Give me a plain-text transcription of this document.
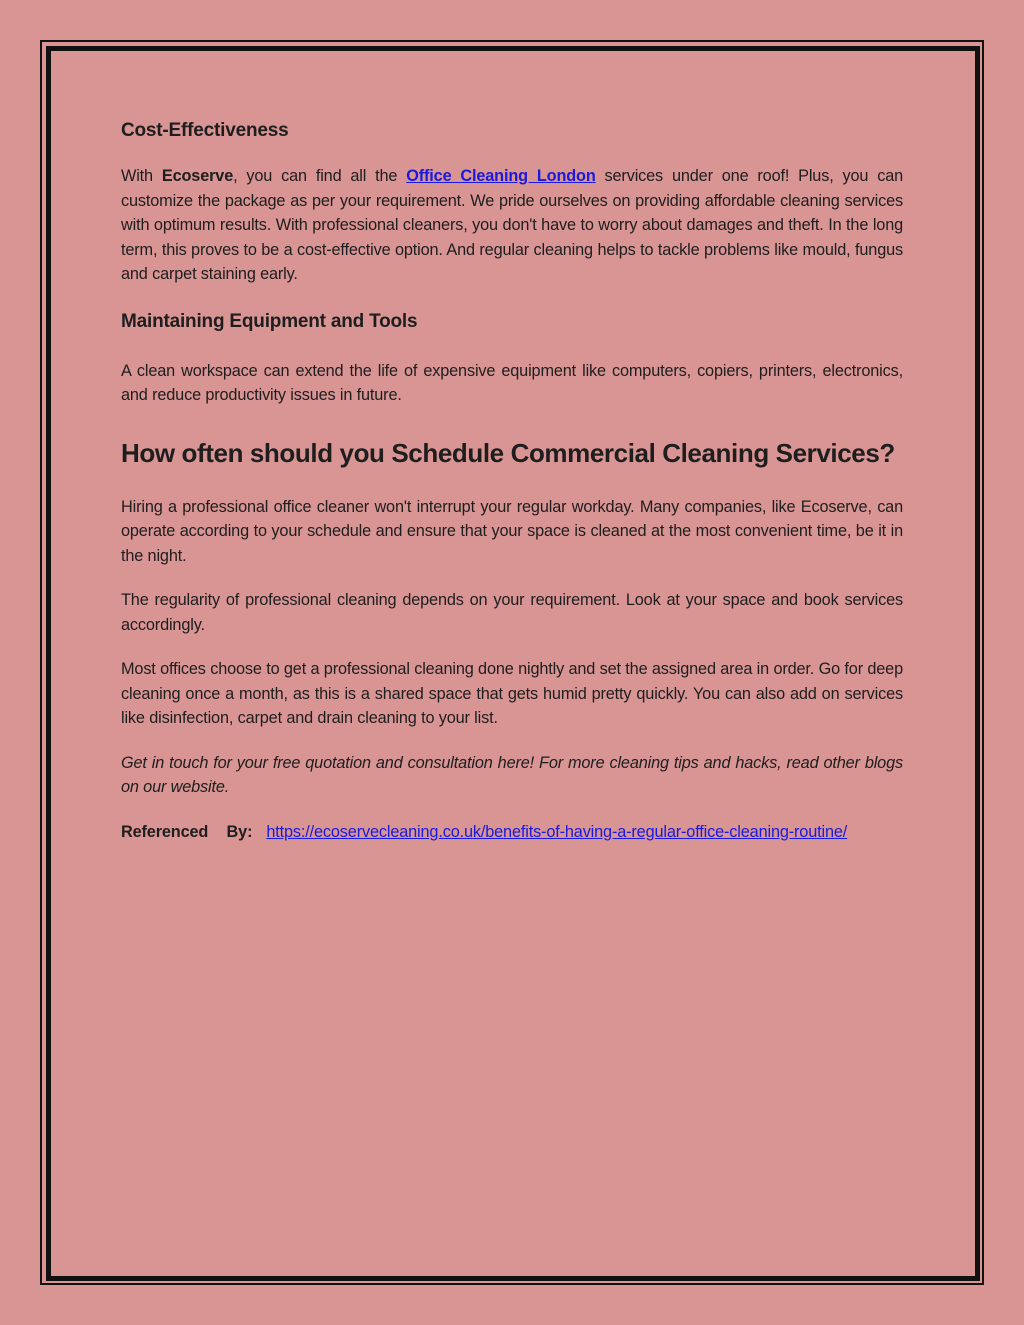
Cost-Effectiveness

With Ecoserve, you can find all the Office Cleaning London services under one roof! Plus, you can customize the package as per your requirement. We pride ourselves on providing affordable cleaning services with optimum results. With professional cleaners, you don't have to worry about damages and theft. In the long term, this proves to be a cost-effective option. And regular cleaning helps to tackle problems like mould, fungus and carpet staining early.

Maintaining Equipment and Tools

A clean workspace can extend the life of expensive equipment like computers, copiers, printers, electronics, and reduce productivity issues in future.

How often should you Schedule Commercial Cleaning Services?

Hiring a professional office cleaner won't interrupt your regular workday. Many companies, like Ecoserve, can operate according to your schedule and ensure that your space is cleaned at the most convenient time, be it in the night.

The regularity of professional cleaning depends on your requirement. Look at your space and book services accordingly.

Most offices choose to get a professional cleaning done nightly and set the assigned area in order. Go for deep cleaning once a month, as this is a shared space that gets humid pretty quickly. You can also add on services like disinfection, carpet and drain cleaning to your list.

Get in touch for your free quotation and consultation here! For more cleaning tips and hacks, read other blogs on our website.

Referenced By: https://ecoservecleaning.co.uk/benefits-of-having-a-regular-office-cleaning-routine/
